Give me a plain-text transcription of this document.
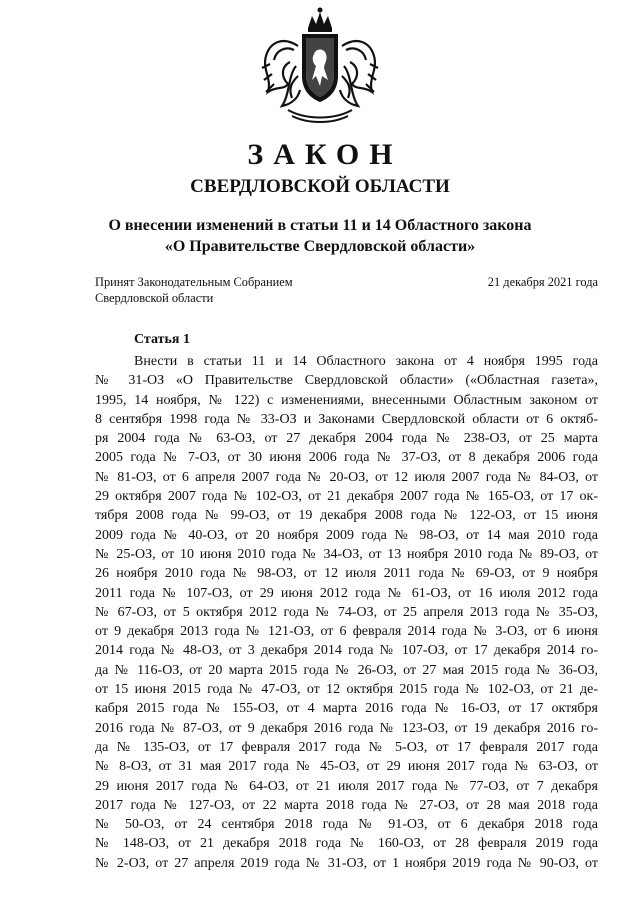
ЗАКОН
СВЕРДЛОВСКОЙ ОБЛАСТИ
О внесении изменений в статьи 11 и 14 Областного закона
«О Правительстве Свердловской области»
Принят Законодательным Собранием
Свердловской области
21 декабря 2021 года
Статья 1
Внести в статьи 11 и 14 Областного закона от 4 ноября 1995 года
№ 31-ОЗ «О Правительстве Свердловской области» («Областная газета»,
1995, 14 ноября, № 122) с изменениями, внесенными Областным законом от
8 сентября 1998 года № 33-ОЗ и Законами Свердловской области от 6 октяб-
ря 2004 года № 63-ОЗ, от 27 декабря 2004 года № 238-ОЗ, от 25 марта
2005 года № 7-ОЗ, от 30 июня 2006 года № 37-ОЗ, от 8 декабря 2006 года
№ 81-ОЗ, от 6 апреля 2007 года № 20-ОЗ, от 12 июля 2007 года № 84-ОЗ, от
29 октября 2007 года № 102-ОЗ, от 21 декабря 2007 года № 165-ОЗ, от 17 ок-
тября 2008 года № 99-ОЗ, от 19 декабря 2008 года № 122-ОЗ, от 15 июня
2009 года № 40-ОЗ, от 20 ноября 2009 года № 98-ОЗ, от 14 мая 2010 года
№ 25-ОЗ, от 10 июня 2010 года № 34-ОЗ, от 13 ноября 2010 года № 89-ОЗ, от
26 ноября 2010 года № 98-ОЗ, от 12 июля 2011 года № 69-ОЗ, от 9 ноября
2011 года № 107-ОЗ, от 29 июня 2012 года № 61-ОЗ, от 16 июля 2012 года
№ 67-ОЗ, от 5 октября 2012 года № 74-ОЗ, от 25 апреля 2013 года № 35-ОЗ,
от 9 декабря 2013 года № 121-ОЗ, от 6 февраля 2014 года № 3-ОЗ, от 6 июня
2014 года № 48-ОЗ, от 3 декабря 2014 года № 107-ОЗ, от 17 декабря 2014 го-
да № 116-ОЗ, от 20 марта 2015 года № 26-ОЗ, от 27 мая 2015 года № 36-ОЗ,
от 15 июня 2015 года № 47-ОЗ, от 12 октября 2015 года № 102-ОЗ, от 21 де-
кабря 2015 года № 155-ОЗ, от 4 марта 2016 года № 16-ОЗ, от 17 октября
2016 года № 87-ОЗ, от 9 декабря 2016 года № 123-ОЗ, от 19 декабря 2016 го-
да № 135-ОЗ, от 17 февраля 2017 года № 5-ОЗ, от 17 февраля 2017 года
№ 8-ОЗ, от 31 мая 2017 года № 45-ОЗ, от 29 июня 2017 года № 63-ОЗ, от
29 июня 2017 года № 64-ОЗ, от 21 июля 2017 года № 77-ОЗ, от 7 декабря
2017 года № 127-ОЗ, от 22 марта 2018 года № 27-ОЗ, от 28 мая 2018 года
№ 50-ОЗ, от 24 сентября 2018 года № 91-ОЗ, от 6 декабря 2018 года
№ 148-ОЗ, от 21 декабря 2018 года № 160-ОЗ, от 28 февраля 2019 года
№ 2-ОЗ, от 27 апреля 2019 года № 31-ОЗ, от 1 ноября 2019 года № 90-ОЗ, от
